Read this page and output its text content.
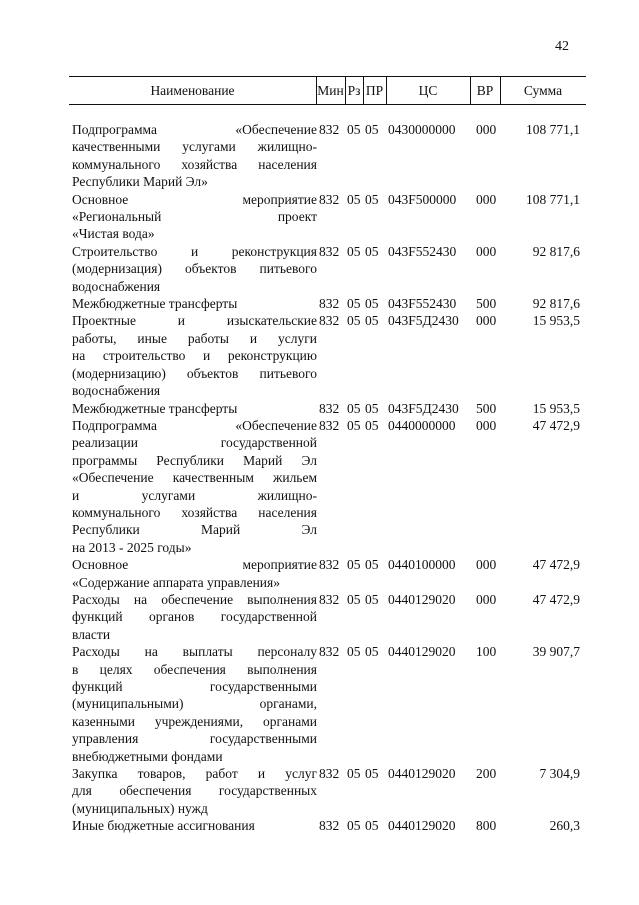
42
Наименование	Мин Рз ПР	ЦС	ВР	Сумма
Подпрограмма «Обеспечение
качественными услугами жилищно-
коммунального хозяйства населения
Республики Марий Эл»
832 05 05 0430000000 000 108 771,1
Основное мероприятие
«Региональный проект
«Чистая вода»
832 05 05 043F500000 000 108 771,1
Строительство и реконструкция
(модернизация) объектов питьевого
водоснабжения
832 05 05 043F552430 000	92 817,6
Межбюджетные трансферты	832 05 05 043F552430 500	92 817,6
Проектные и изыскательские
работы, иные работы и услуги
на строительство и реконструкцию
(модернизацию) объектов питьевого
водоснабжения
832 05 05 043F5Д2430 000	15 953,5
Межбюджетные трансферты	832 05 05 043F5Д2430 500	15 953,5
Подпрограмма «Обеспечение
реализации государственной
программы Республики Марий Эл
«Обеспечение качественным жильем
и услугами жилищно-
коммунального хозяйства населения
Республики Марий Эл
на 2013 - 2025 годы»
832 05 05 0440000000 000	47 472,9
Основное мероприятие
«Содержание аппарата управления»
832 05 05 0440100000 000	47 472,9
Расходы на обеспечение выполнения
функций органов государственной
власти
832 05 05 0440129020 000	47 472,9
Расходы на выплаты персоналу
в целях обеспечения выполнения
функций государственными
(муниципальными) органами,
казенными учреждениями, органами
управления государственными
внебюджетными фондами
832 05 05 0440129020 100	39 907,7
Закупка товаров, работ и услуг
для обеспечения государственных
(муниципальных) нужд
832 05 05 0440129020 200	7 304,9
Иные бюджетные ассигнования	832 05 05 0440129020 800	260,3
